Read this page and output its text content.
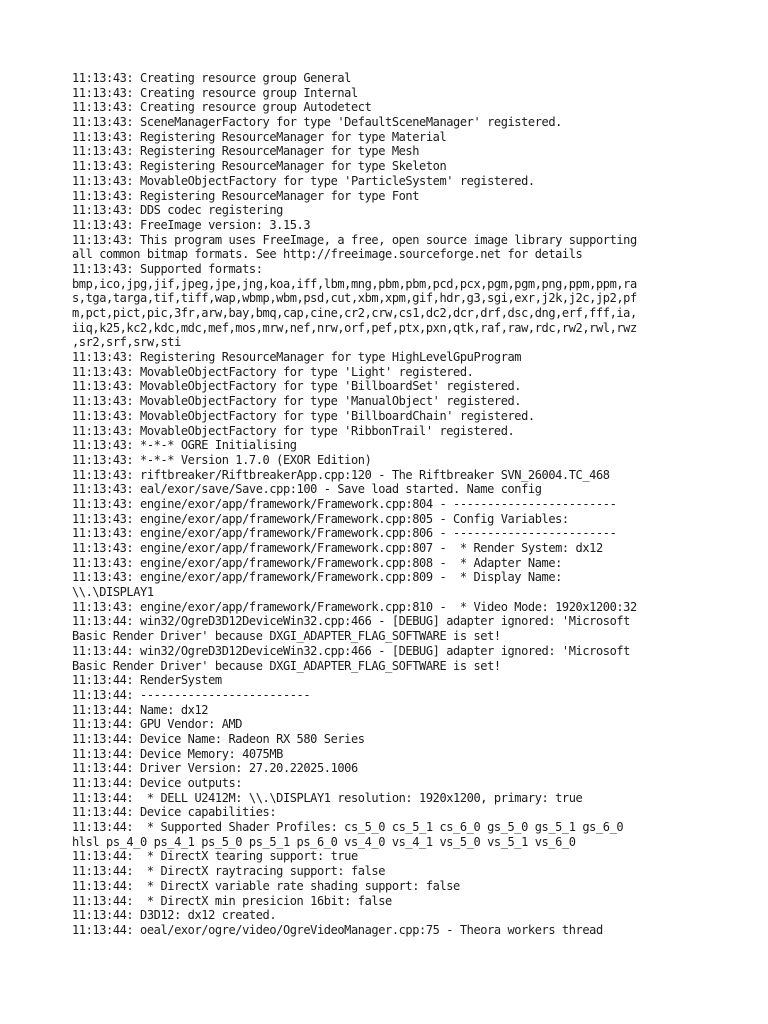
11:13:43: Creating resource group General
11:13:43: Creating resource group Internal
11:13:43: Creating resource group Autodetect
11:13:43: SceneManagerFactory for type 'DefaultSceneManager' registered.
11:13:43: Registering ResourceManager for type Material
11:13:43: Registering ResourceManager for type Mesh
11:13:43: Registering ResourceManager for type Skeleton
11:13:43: MovableObjectFactory for type 'ParticleSystem' registered.
11:13:43: Registering ResourceManager for type Font
11:13:43: DDS codec registering
11:13:43: FreeImage version: 3.15.3
11:13:43: This program uses FreeImage, a free, open source image library supporting
all common bitmap formats. See http://freeimage.sourceforge.net for details
11:13:43: Supported formats:
bmp,ico,jpg,jif,jpeg,jpe,jng,koa,iff,lbm,mng,pbm,pbm,pcd,pcx,pgm,pgm,png,ppm,ppm,ra
s,tga,targa,tif,tiff,wap,wbmp,wbm,psd,cut,xbm,xpm,gif,hdr,g3,sgi,exr,j2k,j2c,jp2,pf
m,pct,pict,pic,3fr,arw,bay,bmq,cap,cine,cr2,crw,cs1,dc2,dcr,drf,dsc,dng,erf,fff,ia,
iiq,k25,kc2,kdc,mdc,mef,mos,mrw,nef,nrw,orf,pef,ptx,pxn,qtk,raf,raw,rdc,rw2,rwl,rwz
,sr2,srf,srw,sti
11:13:43: Registering ResourceManager for type HighLevelGpuProgram
11:13:43: MovableObjectFactory for type 'Light' registered.
11:13:43: MovableObjectFactory for type 'BillboardSet' registered.
11:13:43: MovableObjectFactory for type 'ManualObject' registered.
11:13:43: MovableObjectFactory for type 'BillboardChain' registered.
11:13:43: MovableObjectFactory for type 'RibbonTrail' registered.
11:13:43: *-*-* OGRE Initialising
11:13:43: *-*-* Version 1.7.0 (EXOR Edition)
11:13:43: riftbreaker/RiftbreakerApp.cpp:120 - The Riftbreaker SVN_26004.TC_468
11:13:43: eal/exor/save/Save.cpp:100 - Save load started. Name config
11:13:43: engine/exor/app/framework/Framework.cpp:804 - ------------------------
11:13:43: engine/exor/app/framework/Framework.cpp:805 - Config Variables:
11:13:43: engine/exor/app/framework/Framework.cpp:806 - ------------------------
11:13:43: engine/exor/app/framework/Framework.cpp:807 -  * Render System: dx12
11:13:43: engine/exor/app/framework/Framework.cpp:808 -  * Adapter Name:
11:13:43: engine/exor/app/framework/Framework.cpp:809 -  * Display Name:
\\.\DISPLAY1
11:13:43: engine/exor/app/framework/Framework.cpp:810 -  * Video Mode: 1920x1200:32
11:13:44: win32/OgreD3D12DeviceWin32.cpp:466 - [DEBUG] adapter ignored: 'Microsoft
Basic Render Driver' because DXGI_ADAPTER_FLAG_SOFTWARE is set!
11:13:44: win32/OgreD3D12DeviceWin32.cpp:466 - [DEBUG] adapter ignored: 'Microsoft
Basic Render Driver' because DXGI_ADAPTER_FLAG_SOFTWARE is set!
11:13:44: RenderSystem
11:13:44: -------------------------
11:13:44: Name: dx12
11:13:44: GPU Vendor: AMD
11:13:44: Device Name: Radeon RX 580 Series
11:13:44: Device Memory: 4075MB
11:13:44: Driver Version: 27.20.22025.1006
11:13:44: Device outputs:
11:13:44:  * DELL U2412M: \\.\DISPLAY1 resolution: 1920x1200, primary: true
11:13:44: Device capabilities:
11:13:44:  * Supported Shader Profiles: cs_5_0 cs_5_1 cs_6_0 gs_5_0 gs_5_1 gs_6_0
hlsl ps_4_0 ps_4_1 ps_5_0 ps_5_1 ps_6_0 vs_4_0 vs_4_1 vs_5_0 vs_5_1 vs_6_0
11:13:44:  * DirectX tearing support: true
11:13:44:  * DirectX raytracing support: false
11:13:44:  * DirectX variable rate shading support: false
11:13:44:  * DirectX min presicion 16bit: false
11:13:44: D3D12: dx12 created.
11:13:44: oeal/exor/ogre/video/OgreVideoManager.cpp:75 - Theora workers thread
